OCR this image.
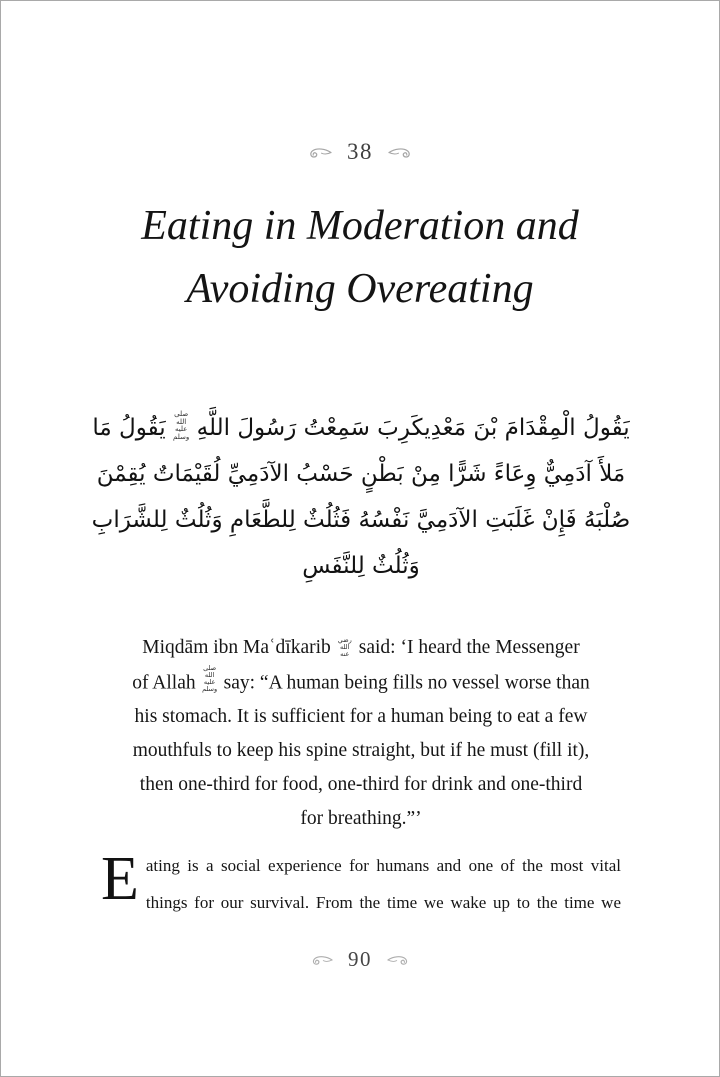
38
Eating in Moderation and
Avoiding Overeating
يَقُولُ الْمِقْدَامَ بْنَ مَعْدِيكَرِبَ سَمِعْتُ رَسُولَ اللَّهِصلى الله عليه وسلميَقُولُ مَا
مَلأَ آدَمِيٌّ وِعَاءً شَرًّا مِنْ بَطْنٍ حَسْبُ الآدَمِيِّ لُقَيْمَاتٌ يُقِمْنَ
صُلْبَهُ فَإِنْ غَلَبَتِ الآدَمِيَّ نَفْسُهُ فَثُلُثٌ لِلطَّعَامِ وَثُلُثٌ لِلشَّرَابِ
وَثُلُثٌ لِلنَّفَسِ
Miqdām ibn Maʿdīkarib رضي الله عنه said: ‘I heard the Messenger
of Allahصلى الله عليه وسلم say: “A human being fills no vessel worse than
his stomach. It is sufficient for a human being to eat a few
mouthfuls to keep his spine straight, but if he must (fill it),
then one-third for food, one-third for drink and one-third
for breathing.”’
E ating is a social experience for humans and one of the most vital
things for our survival. From the time we wake up to the time we
90
